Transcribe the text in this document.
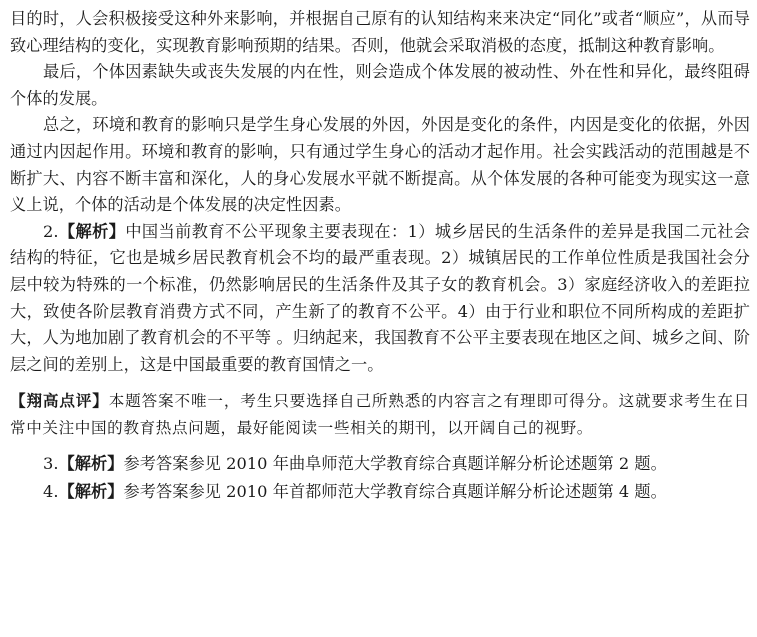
目的时，人会积极接受这种外来影响，并根据自己原有的认知结构来来决定“同化”或者“顺应”，从而导致心理结构的变化，实现教育影响预期的结果。否则，他就会采取消极的态度，抵制这种教育影响。

最后，个体因素缺失或丧失发展的内在性，则会造成个体发展的被动性、外在性和异化，最终阻碍个体的发展。

总之，环境和教育的影响只是学生身心发展的外因，外因是变化的条件，内因是变化的依据，外因通过内因起作用。环境和教育的影响，只有通过学生身心的活动才起作用。社会实践活动的范围越是不断扩大、内容不断丰富和深化，人的身心发展水平就不断提高。从个体发展的各种可能变为现实这一意义上说，个体的活动是个体发展的决定性因素。

2.【解析】中国当前教育不公平现象主要表现在：1）城乡居民的生活条件的差异是我国二元社会结构的特征，它也是城乡居民教育机会不均的最严重表现。2）城镇居民的工作单位性质是我国社会分层中较为特殊的一个标准，仍然影响居民的生活条件及其子女的教育机会。3）家庭经济收入的差距拉大，致使各阶层教育消费方式不同，产生新了的教育不公平。4）由于行业和职位不同所构成的差距扩大，人为地加剧了教育机会的不平等 。归纳起来，我国教育不公平主要表现在地区之间、城乡之间、阶层之间的差别上，这是中国最重要的教育国情之一。

【翔高点评】本题答案不唯一，考生只要选择自己所熟悉的内容言之有理即可得分。这就要求考生在日常中关注中国的教育热点问题，最好能阅读一些相关的期刊，以开阔自己的视野。

3.【解析】参考答案参见 2010 年曲阜师范大学教育综合真题详解分析论述题第 2 题。

4.【解析】参考答案参见 2010 年首都师范大学教育综合真题详解分析论述题第 4 题。
